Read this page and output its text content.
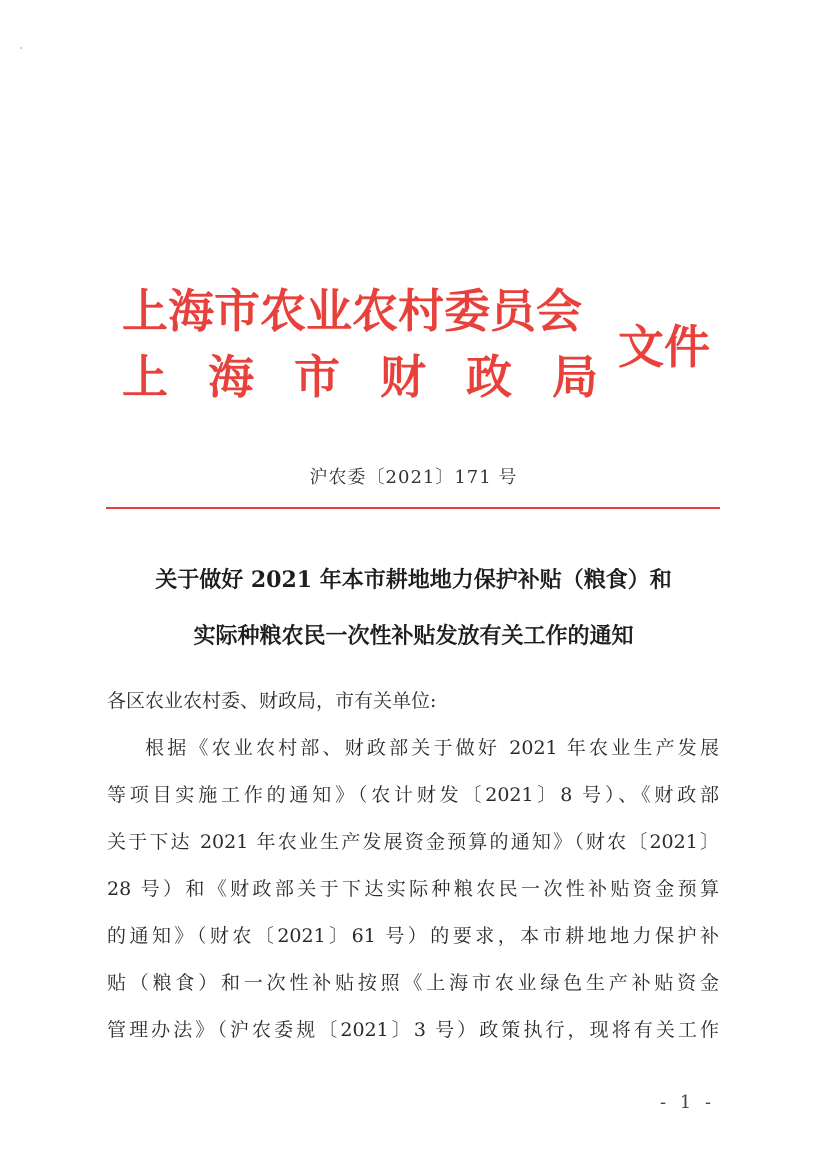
上海市农业农村委员会
上 海 市 财 政 局
文件
沪农委〔2021〕171 号
关于做好 2021 年本市耕地地力保护补贴（粮食）和
实际种粮农民一次性补贴发放有关工作的通知
各区农业农村委、财政局，市有关单位:
根据《农业农村部、财政部关于做好 2021 年农业生产发展
等项目实施工作的通知》（农计财发〔2021〕8 号）、《财政部
关于下达 2021 年农业生产发展资金预算的通知》（财农〔2021〕
28 号）和《财政部关于下达实际种粮农民一次性补贴资金预算
的通知》（财农〔2021〕61 号）的要求，本市耕地地力保护补
贴（粮食）和一次性补贴按照《上海市农业绿色生产补贴资金
管理办法》（沪农委规〔2021〕3 号）政策执行，现将有关工作
- 1 -
